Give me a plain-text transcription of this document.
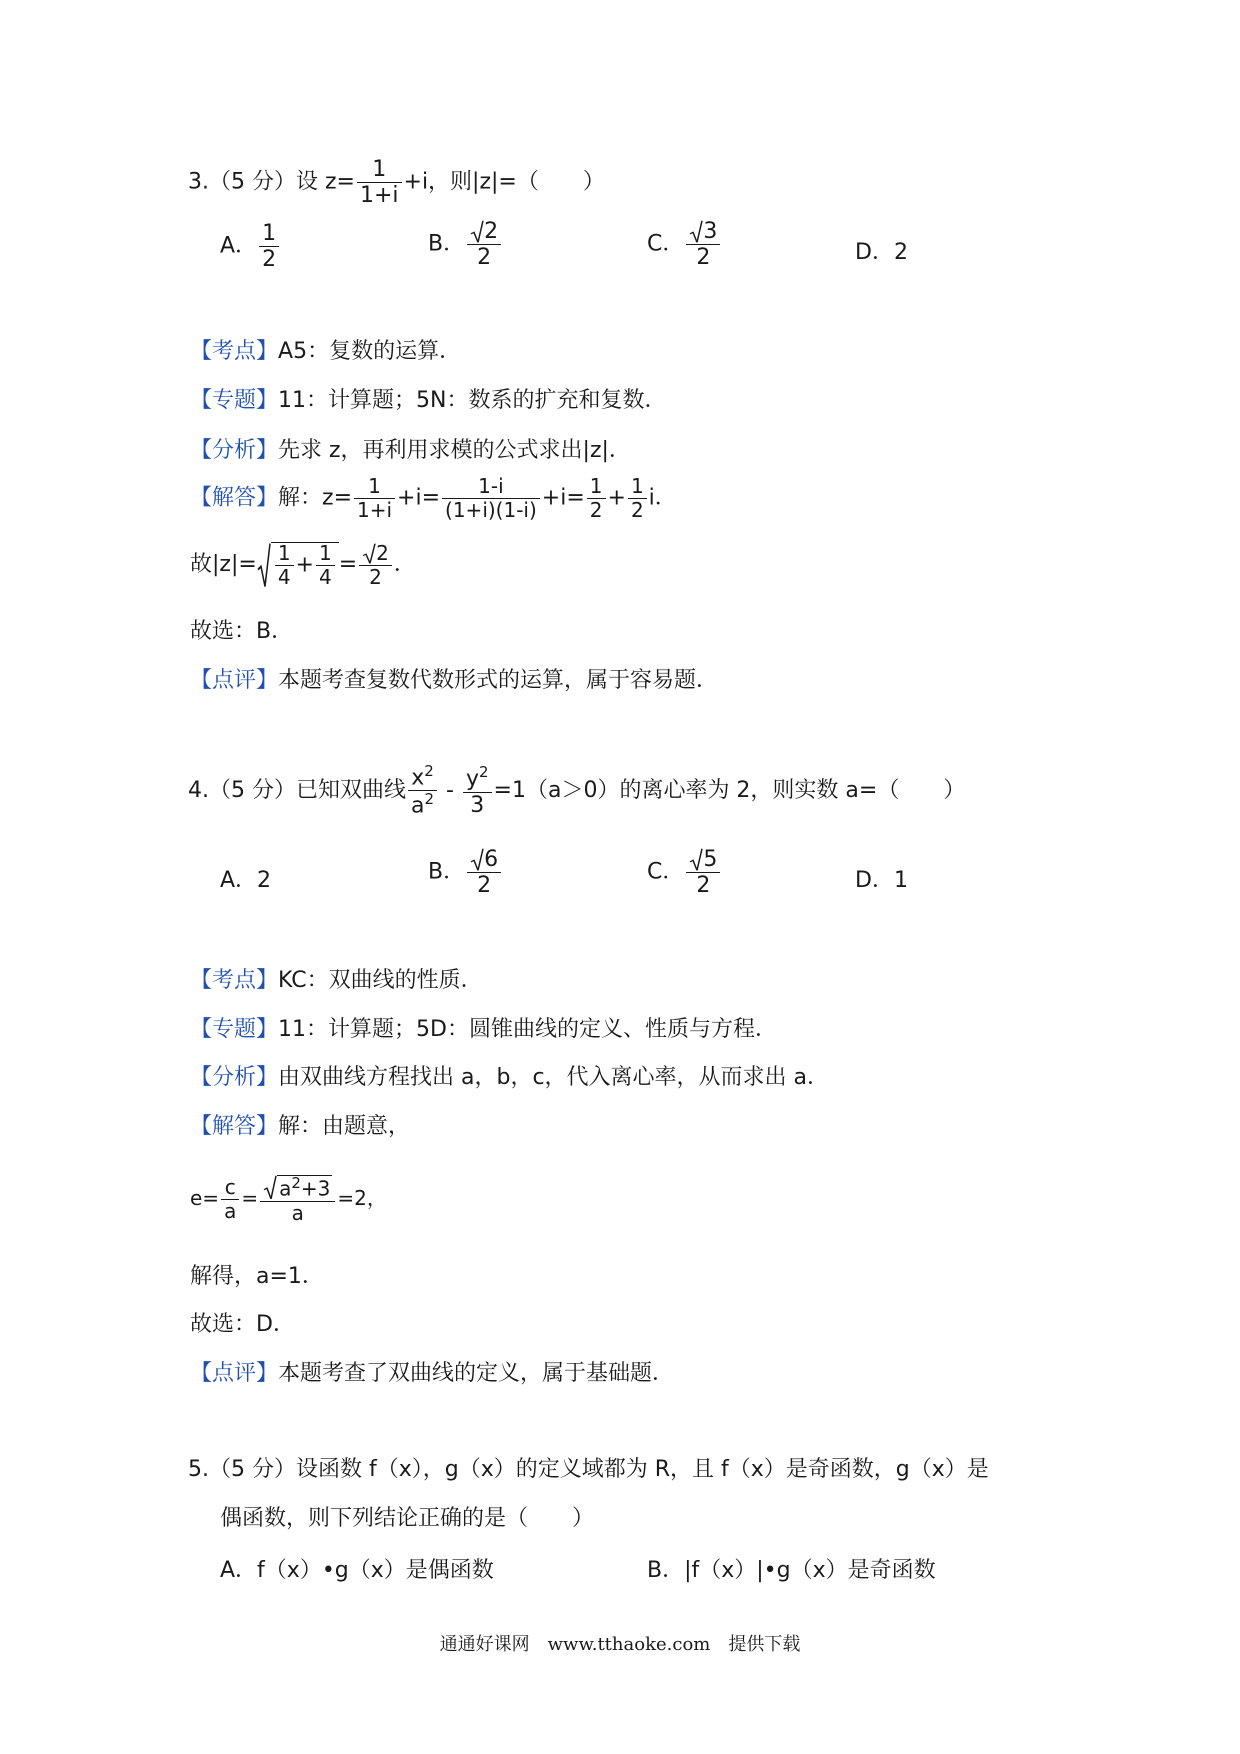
3.（5 分）设 $z= \frac{1}{1+i} +i$，则|z|=（　　）
A． $\frac{1}{2}$	B． $\frac{2}{2}$	C． $\frac{3}{2}$	D．2
【考点】A5：复数的运算．
【专题】11：计算题；5N：数系的扩充和复数．
【分析】先求 z，再利用求模的公式求出|z|．
【解答】解：$z= \frac{1}{1+i} +i= \frac{1-i}{(1+i)(1-i)} +i= \frac{1}{2} + \frac{1}{2}$ i．
故$|z|= \frac{1}{4} + \frac{1}{4} = \frac{2}{2}$ ．
故选：B．
【点评】本题考查复数代数形式的运算，属于容易题．
4.（5 分）已知双曲线 $\frac{x^2}{a^2} - \frac{y^2}{3} =1(a>0)$的离心率为 2，则实数 a=（　　）
A．2	B． $\frac{6}{2}$	C． $\frac{5}{2}$	D．1
【考点】KC：双曲线的性质．
【专题】11：计算题；5D：圆锥曲线的定义、性质与方程．
【分析】由双曲线方程找出 a，b，c，代入离心率，从而求出 a．
【解答】解：由题意，
$e= \frac{c}{a} = \frac{a^2+3}{a} =2$，
解得，a=1．
故选：D．
【点评】本题考查了双曲线的定义，属于基础题．
5.（5 分）设函数 f（x），g（x）的定义域都为 R，且 f（x）是奇函数，g（x）是
偶函数，则下列结论正确的是（　　）
A．f（x）•g（x）是偶函数	B．|f（x）|•g（x）是奇函数
通通好课网　www.tthaoke.com　提供下载
